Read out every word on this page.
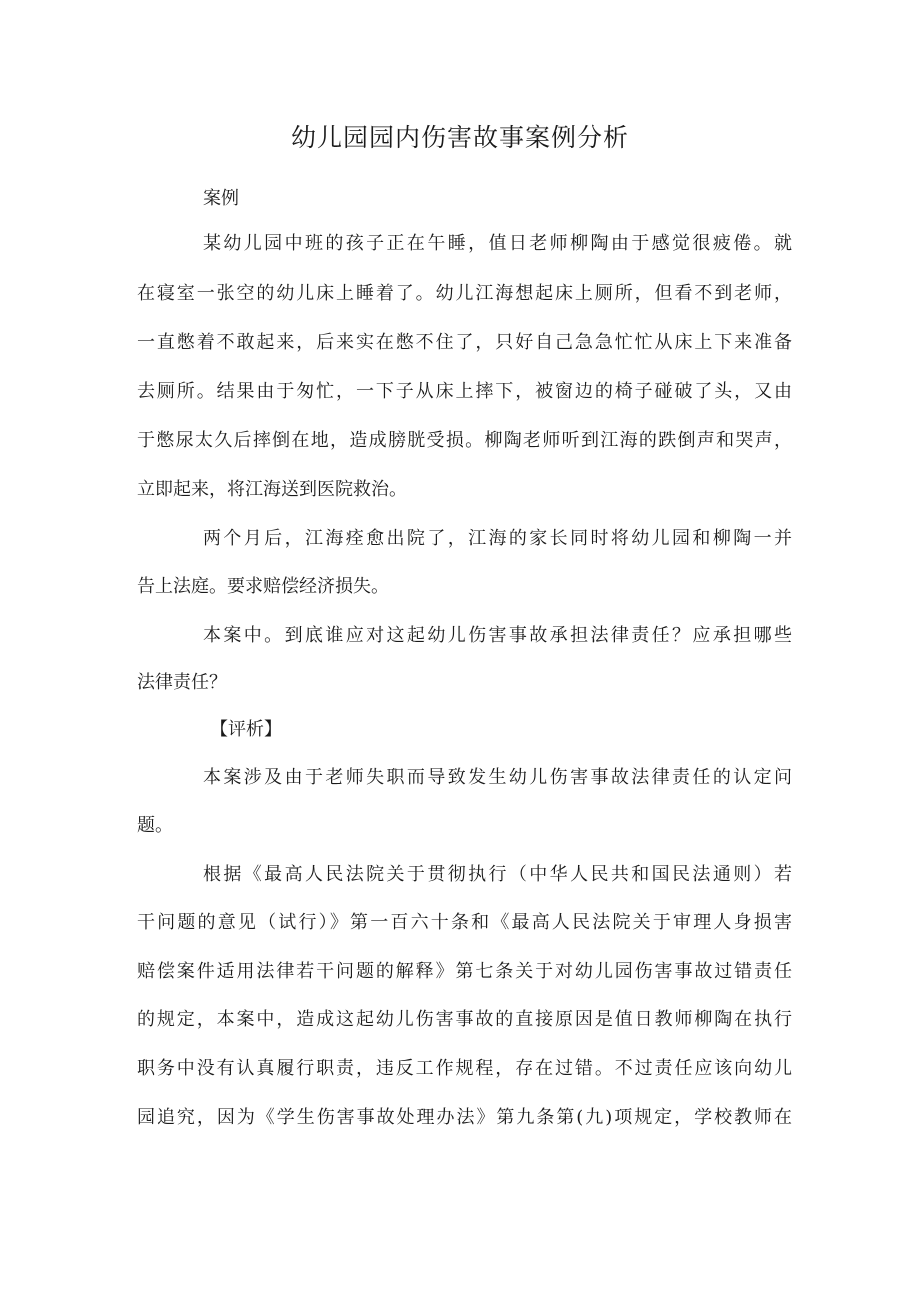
幼儿园园内伤害故事案例分析
案例
某幼儿园中班的孩子正在午睡，值日老师柳陶由于感觉很疲倦。就
在寝室一张空的幼儿床上睡着了。幼儿江海想起床上厕所，但看不到老师，
一直憋着不敢起来，后来实在憋不住了，只好自己急急忙忙从床上下来准备
去厕所。结果由于匆忙，一下子从床上摔下，被窗边的椅子碰破了头，又由
于憋尿太久后摔倒在地，造成膀胱受损。柳陶老师听到江海的跌倒声和哭声，
立即起来，将江海送到医院救治。
两个月后，江海痊愈出院了，江海的家长同时将幼儿园和柳陶一并
告上法庭。要求赔偿经济损失。
本案中。到底谁应对这起幼儿伤害事故承担法律责任？应承担哪些
法律责任？
【评析】
本案涉及由于老师失职而导致发生幼儿伤害事故法律责任的认定问
题。
根据《最高人民法院关于贯彻执行（中华人民共和国民法通则）若
干问题的意见（试行）》第一百六十条和《最高人民法院关于审理人身损害
赔偿案件适用法律若干问题的解释》第七条关于对幼儿园伤害事故过错责任
的规定，本案中，造成这起幼儿伤害事故的直接原因是值日教师柳陶在执行
职务中没有认真履行职责，违反工作规程，存在过错。不过责任应该向幼儿
园追究，因为《学生伤害事故处理办法》第九条第(九)项规定，学校教师在
